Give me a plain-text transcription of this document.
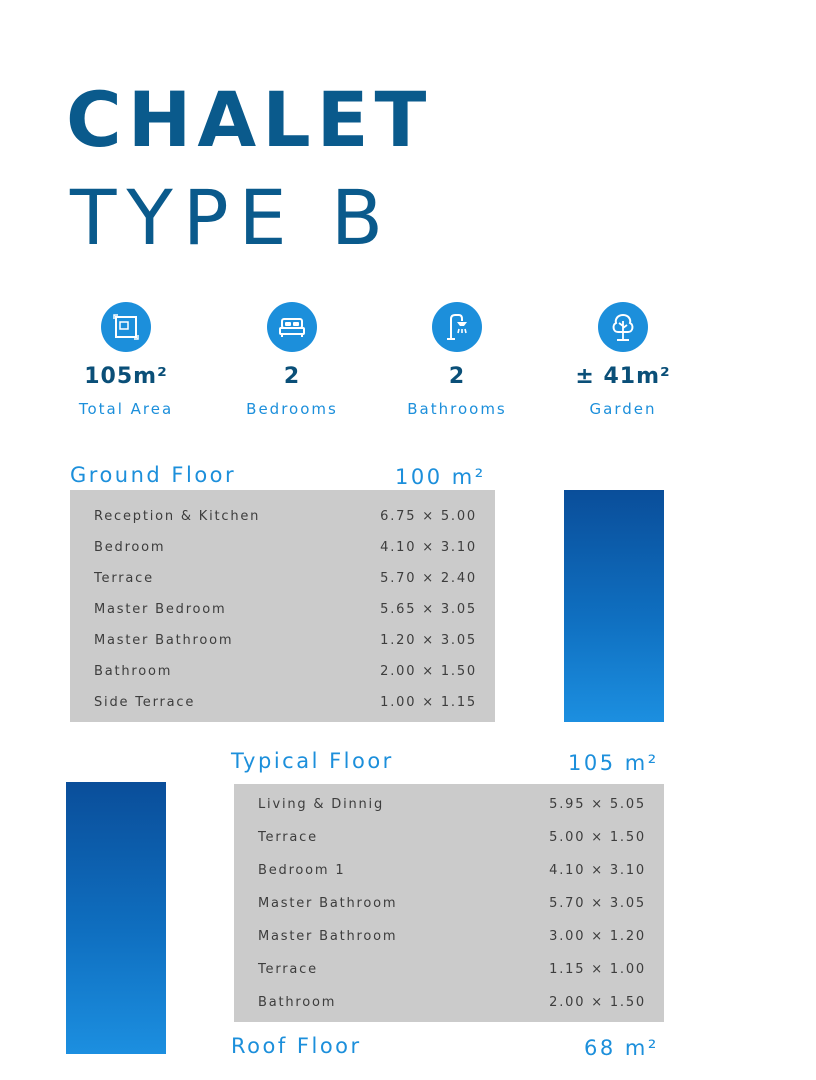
CHALET
TYPE B
105m²
Total Area
2
Bedrooms
2
Bathrooms
± 41m²
Garden
Ground Floor	100 m²
Reception & Kitchen	6.75 × 5.00
Bedroom	4.10 × 3.10
Terrace	5.70 × 2.40
Master Bedroom	5.65 × 3.05
Master Bathroom	1.20 × 3.05
Bathroom	2.00 × 1.50
Side Terrace	1.00 × 1.15
Typical Floor	105 m²
Living & Dinnig	5.95 × 5.05
Terrace	5.00 × 1.50
Bedroom 1	4.10 × 3.10
Master Bathroom	5.70 × 3.05
Master Bathroom	3.00 × 1.20
Terrace	1.15 × 1.00
Bathroom	2.00 × 1.50
Roof Floor	68 m²
